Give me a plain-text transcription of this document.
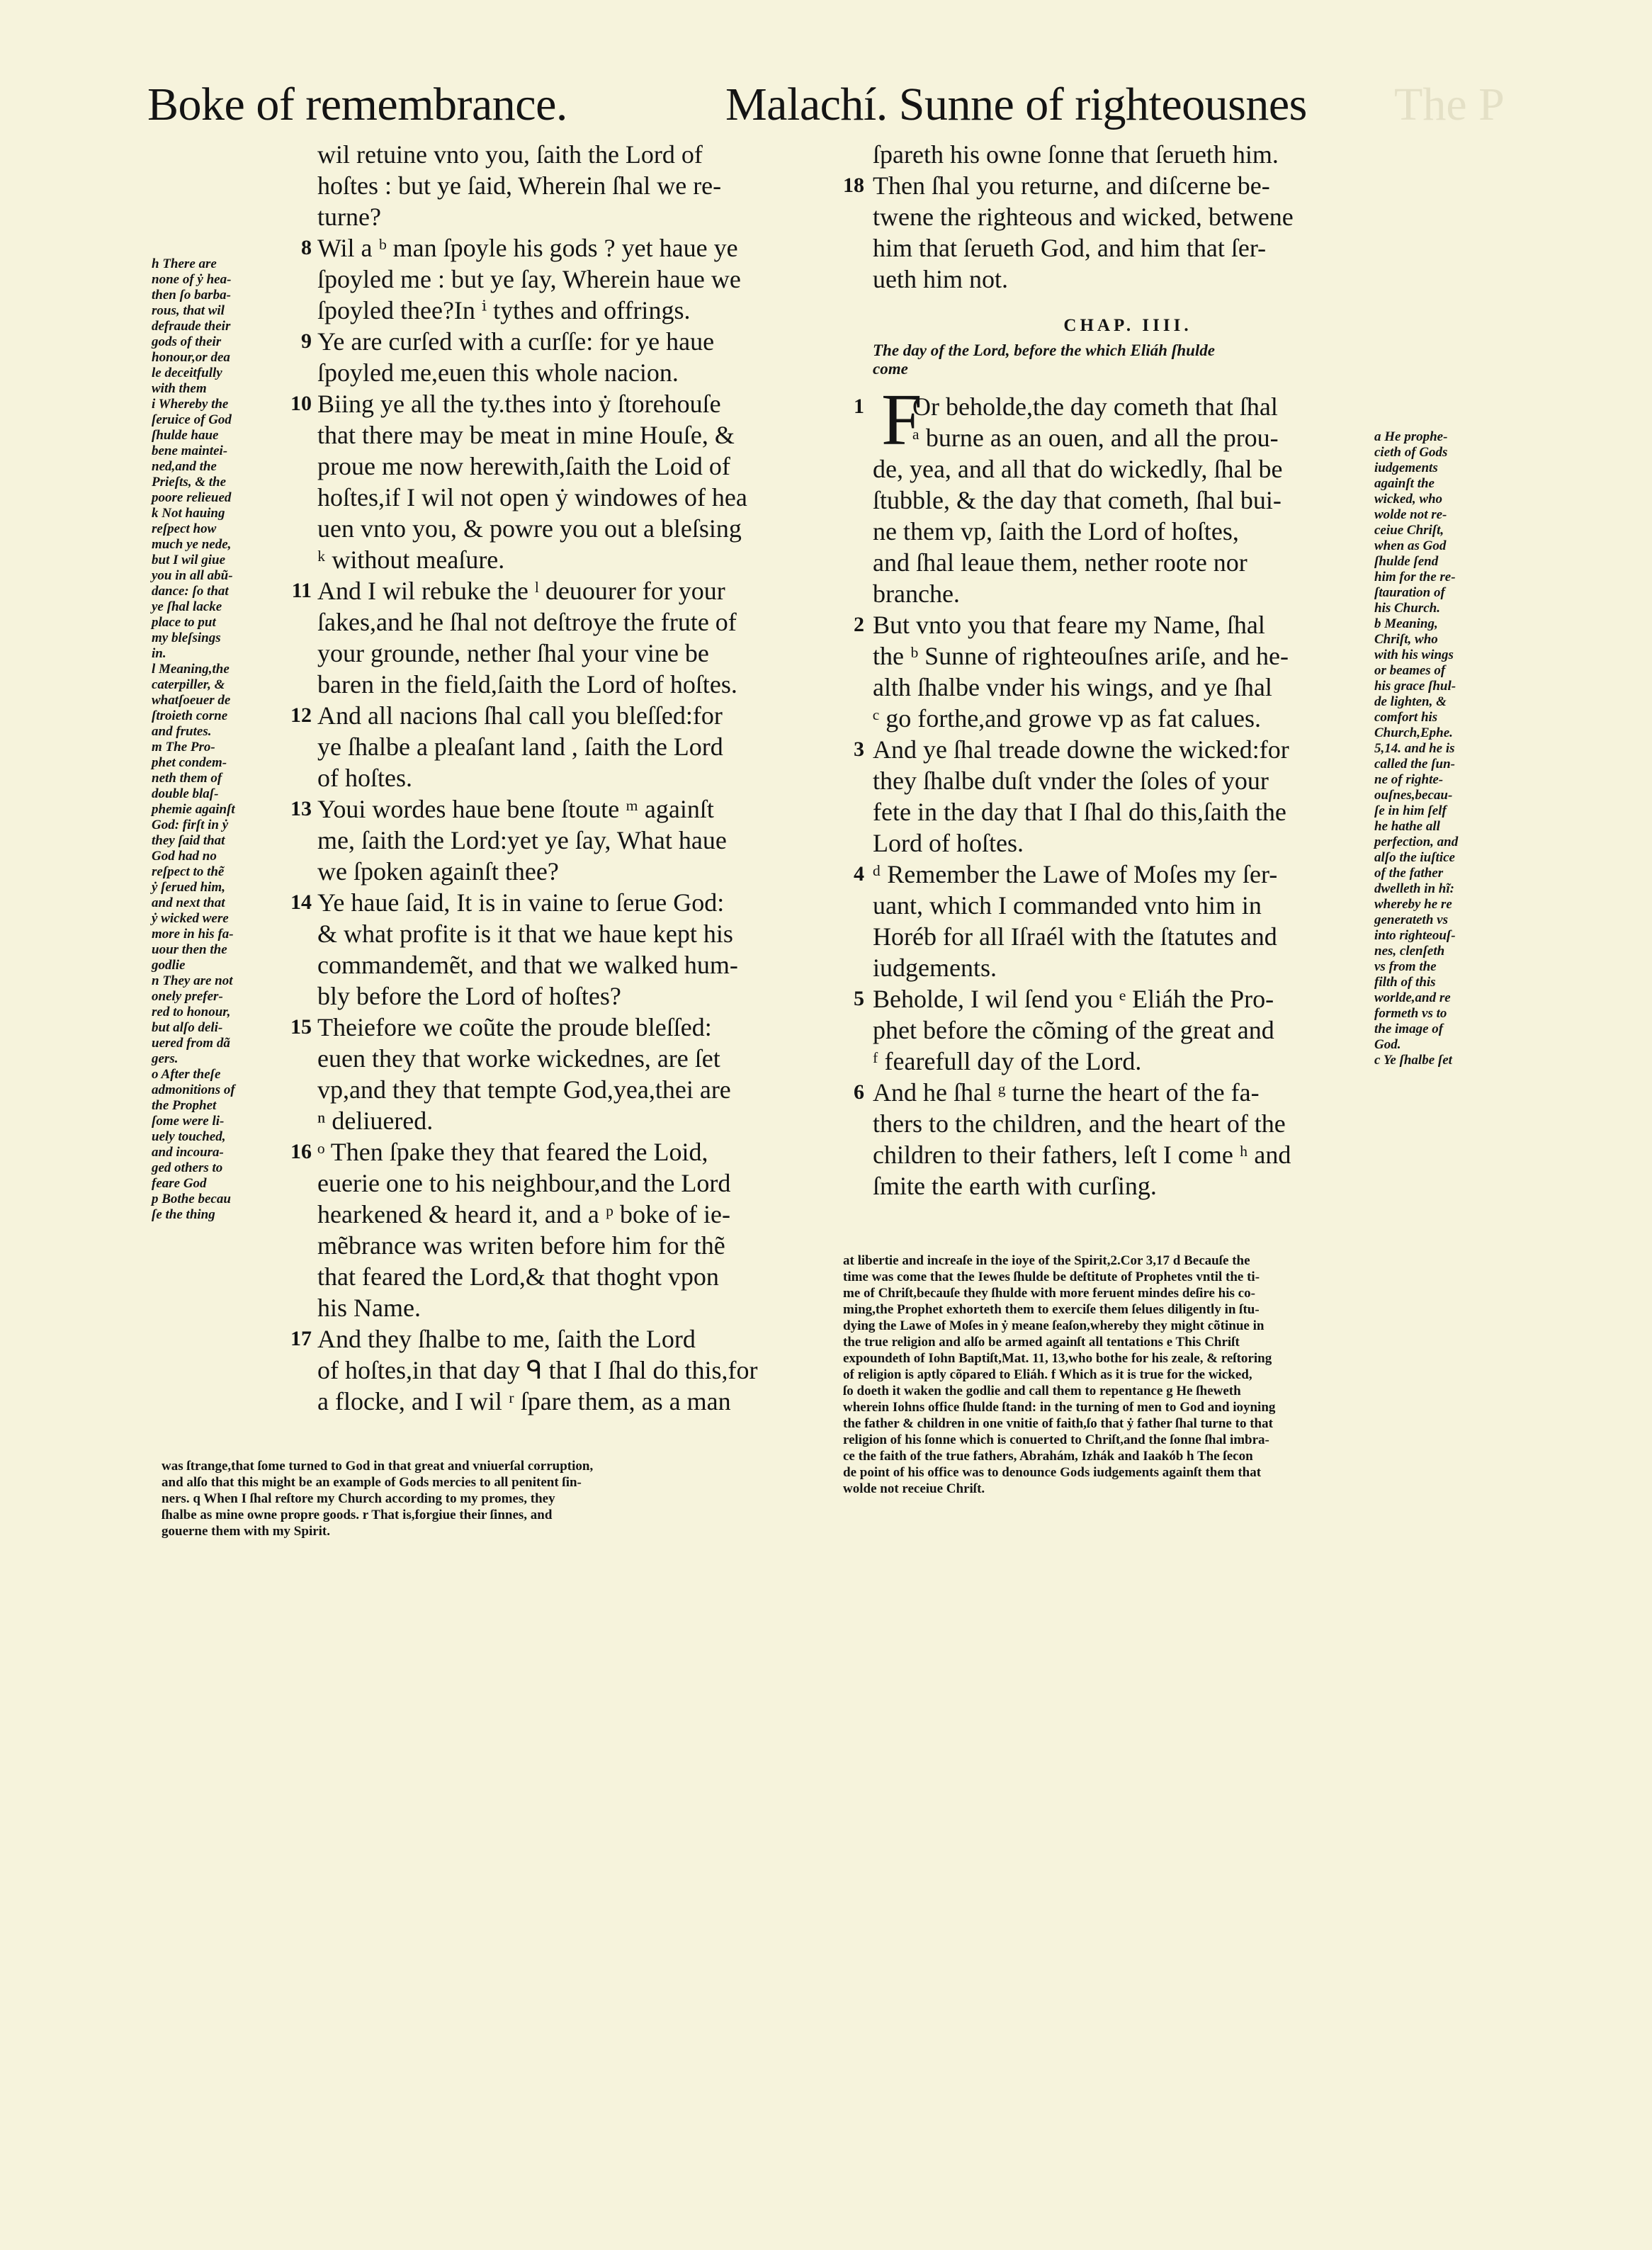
Boke of remembrance.	Malachí. Sunne of righteousnes The P
h There are
none of ẏ hea-
then ſo barba-
rous, that wil
defraude their
gods of their
honour,or dea
le deceitfully
with them
i Whereby the
ſeruice of God
ſhulde haue
bene maintei-
ned,and the
Prieſts, & the
poore relieued
k Not hauing
reſpect how
much ye nede,
but I wil giue
you in all abũ-
dance: ſo that
ye ſhal lacke
place to put
my bleſsings
in.
l Meaning,the
caterpiller, &
whatſoeuer de
ſtroieth corne
and frutes.
m The Pro-
phet condem-
neth them of
double blaſ-
phemie againſt
God: firſt in ẏ
they ſaid that
God had no
reſpect to thẽ
ẏ ſerued him,
and next that
ẏ wicked were
more in his fa-
uour then the
godlie
n They are not
onely prefer-
red to honour,
but alſo deli-
uered from dã
gers.
o After theſe
admonitions of
the Prophet
ſome were li-
uely touched,
and incoura-
ged others to
feare God
p Bothe becau
ſe the thing
wil retuine vnto you, ſaith the Lord of
hoſtes : but ye ſaid, Wherein ſhal we re-
turne?
Wil a ᵇ man ſpoyle his gods ? yet haue ye
ſpoyled me : but ye ſay, Wherein haue we
ſpoyled thee?In ⁱ tythes and offrings.
Ye are curſed with a curſſe: for ye haue
ſpoyled me,euen this whole nacion.
Biing ye all the ty.thes into ẏ ſtorehouſe
that there may be meat in mine Houſe, &
proue me now herewith,ſaith the Loid of
hoſtes,if I wil not open ẏ windowes of hea
uen vnto you, & powre you out a bleſsing
ᵏ without meaſure.
And I wil rebuke the ˡ deuourer for your
ſakes,and he ſhal not deſtroye the frute of
your grounde, nether ſhal your vine be
baren in the field,ſaith the Lord of hoſtes.
And all nacions ſhal call you bleſſed:for
ye ſhalbe a pleaſant land , ſaith the Lord
of hoſtes.
Youi wordes haue bene ſtoute ᵐ againſt
me, ſaith the Lord:yet ye ſay, What haue
we ſpoken againſt thee?
Ye haue ſaid, It is in vaine to ſerue God:
& what profite is it that we haue kept his
commandemẽt, and that we walked hum-
bly before the Lord of hoſtes?
Theiefore we coũte the proude bleſſed:
euen they that worke wickednes, are ſet
vp,and they that tempte God,yea,thei are
ⁿ deliuered.
ᵒ Then ſpake they that feared the Loid,
euerie one to his neighbour,and the Lord
hearkened & heard it, and a ᵖ boke of ie-
mẽbrance was writen before him for thẽ
that feared the Lord,& that thoght vpon
his Name.
And they ſhalbe to me, ſaith the Lord
of hoſtes,in that day ᑫ that I ſhal do this,for
a flocke, and I wil ʳ ſpare them, as a man
8
9
10
11
12
13
14
15
16
17
ſpareth his owne ſonne that ſerueth him.
Then ſhal you returne, and diſcerne be-
twene the righteous and wicked, betwene
him that ſerueth God, and him that ſer-
ueth him not.
18
CHAP. IIII.
The day of the Lord, before the which Eliáh ſhulde
come
F
Or beholde,the day cometh that ſhal
ᵃ burne as an ouen, and all the prou-
de, yea, and all that do wickedly, ſhal be
ſtubble, & the day that cometh, ſhal bui-
ne them vp, ſaith the Lord of hoſtes,
and ſhal leaue them, nether roote nor
branche.
But vnto you that feare my Name, ſhal
the ᵇ Sunne of righteouſnes ariſe, and he-
alth ſhalbe vnder his wings, and ye ſhal
ᶜ go forthe,and growe vp as fat calues.
And ye ſhal treade downe the wicked:for
they ſhalbe duſt vnder the ſoles of your
fete in the day that I ſhal do this,ſaith the
Lord of hoſtes.
ᵈ Remember the Lawe of Moſes my ſer-
uant, which I commanded vnto him in
Horéb for all Iſraél with the ſtatutes and
iudgements.
Beholde, I wil ſend you ᵉ Eliáh the Pro-
phet before the cõming of the great and
ᶠ fearefull day of the Lord.
And he ſhal ᵍ turne the heart of the fa-
thers to the children, and the heart of the
children to their fathers, leſt I come ʰ and
ſmite the earth with curſing.
1
2
3
4
5
6
a He prophe-
cieth of Gods
iudgements
againſt the
wicked, who
wolde not re-
ceiue Chriſt,
when as God
ſhulde ſend
him for the re-
ſtauration of
his Church.
b Meaning,
Chriſt, who
with his wings
or beames of
his grace ſhul-
de lighten, &
comfort his
Church,Ephe.
5,14. and he is
called the ſun-
ne of righte-
ouſnes,becau-
ſe in him ſelf
he hathe all
perfection, and
alſo the iuſtice
of the father
dwelleth in hĩ:
whereby he re
generateth vs
into righteouſ-
nes, clenſeth
vs from the
filth of this
worlde,and re
formeth vs to
the image of
God.
c Ye ſhalbe ſet
was ſtrange,that ſome turned to God in that great and vniuerſal corruption,
and alſo that this might be an example of Gods mercies to all penitent ſin-
ners. q When I ſhal reſtore my Church according to my promes, they
ſhalbe as mine owne propre goods. r That is,forgiue their ſinnes, and
gouerne them with my Spirit.
at libertie and increaſe in the ioye of the Spirit,2.Cor 3,17 d Becauſe the
time was come that the Iewes ſhulde be deſtitute of Prophetes vntil the ti-
me of Chriſt,becauſe they ſhulde with more feruent mindes deſire his co-
ming,the Prophet exhorteth them to exerciſe them ſelues diligently in ſtu-
dying the Lawe of Moſes in ẏ meane ſeaſon,whereby they might cõtinue in
the true religion and alſo be armed againſt all tentations e This Chriſt
expoundeth of Iohn Baptiſt,Mat. 11, 13,who bothe for his zeale, & reſtoring
of religion is aptly cõpared to Eliáh. f Which as it is true for the wicked,
ſo doeth it waken the godlie and call them to repentance g He ſheweth
wherein Iohns office ſhulde ſtand: in the turning of men to God and ioyning
the father & children in one vnitie of faith,ſo that ẏ father ſhal turne to that
religion of his ſonne which is conuerted to Chriſt,and the ſonne ſhal imbra-
ce the faith of the true fathers, Abrahám, Izhák and Iaakób h The ſecon
de point of his office was to denounce Gods iudgements againſt them that
wolde not receiue Chriſt.
